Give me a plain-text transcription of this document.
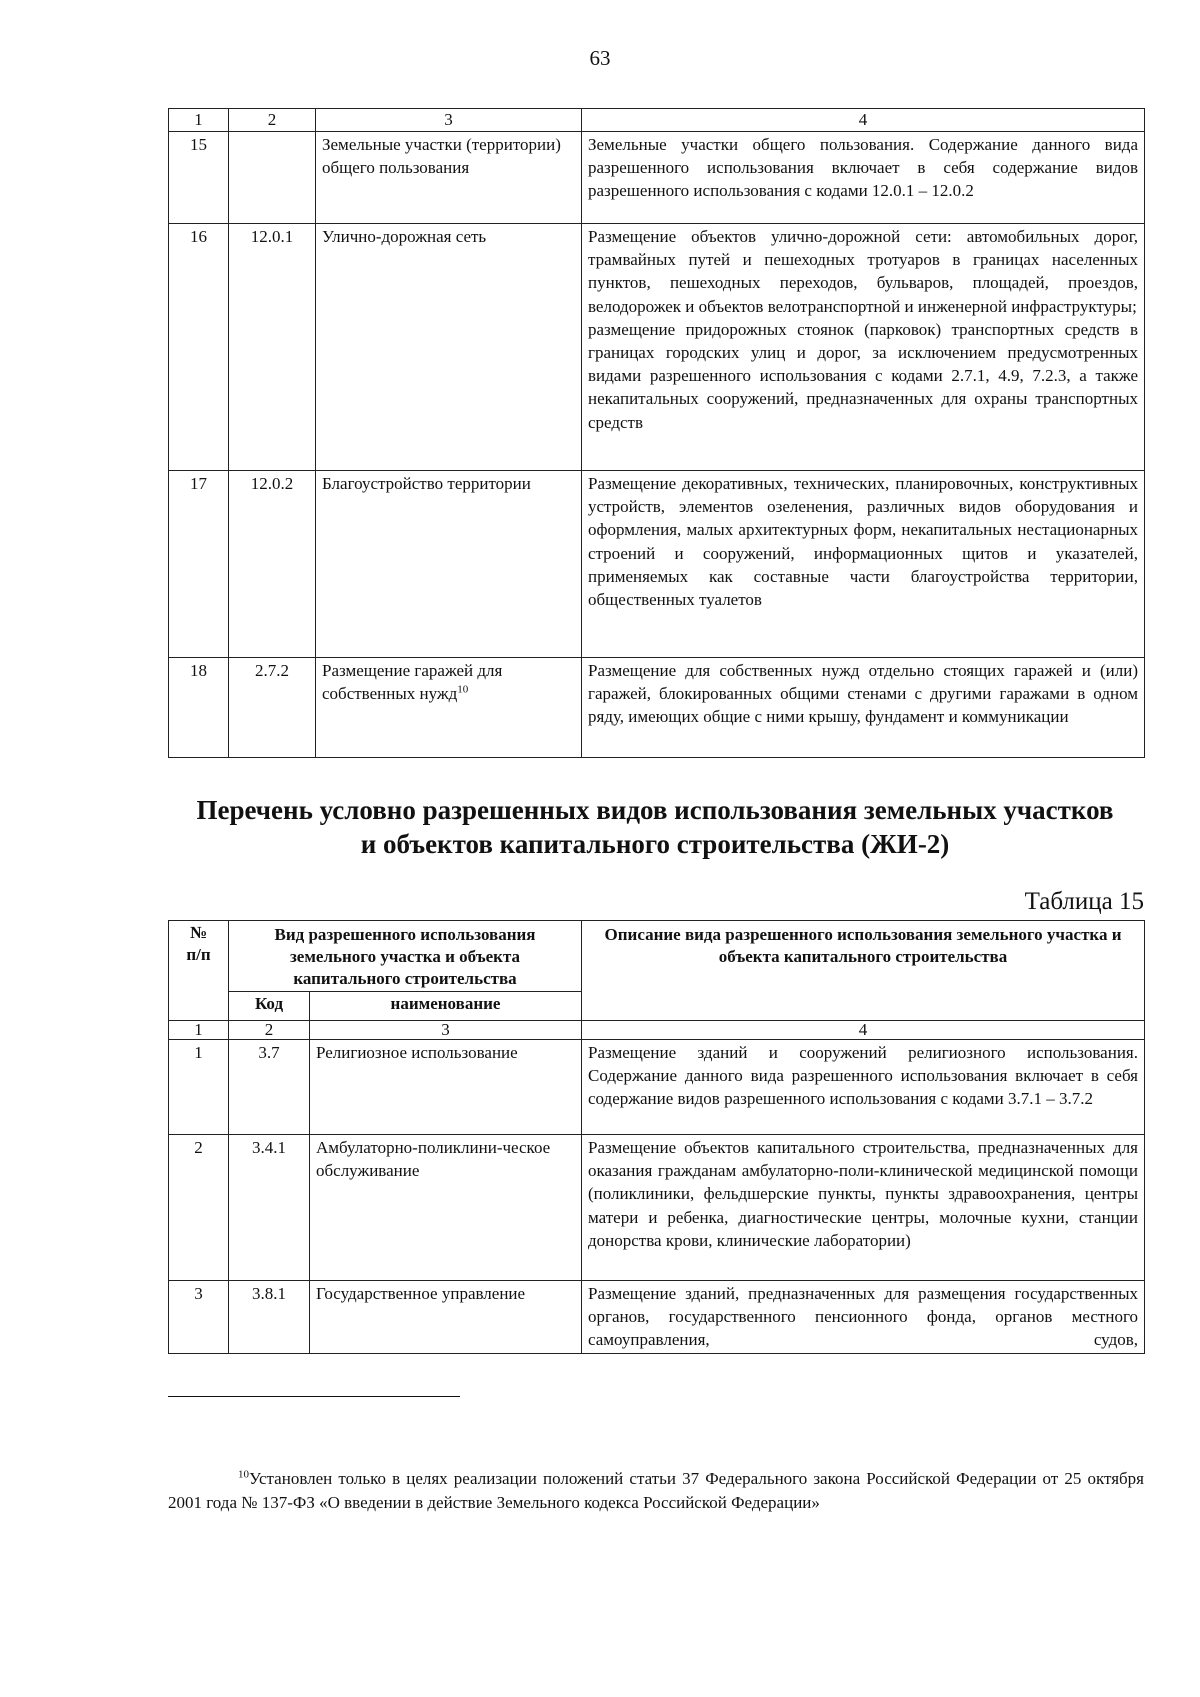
63
1	2	3	4
15		Земельные участки (территории) общего пользования	Земельные участки общего пользования. Содержание данного вида разрешенного использования включает в себя содержание видов разрешенного использования с кодами 12.0.1 – 12.0.2
16	12.0.1	Улично-дорожная сеть	Размещение объектов улично-дорожной сети: автомобильных дорог, трамвайных путей и пешеходных тротуаров в границах населенных пунктов, пешеходных переходов, бульваров, площадей, проездов, велодорожек и объектов велотранспортной и инженерной инфраструктуры;
размещение придорожных стоянок (парковок) транспортных средств в границах городских улиц и дорог, за исключением предусмотренных видами разрешенного использования с кодами 2.7.1, 4.9, 7.2.3, а также некапитальных сооружений, предназначенных для охраны транспортных средств

17	12.0.2	Благоустройство территории	Размещение декоративных, технических, планировочных, конструктивных устройств, элементов озеленения, различных видов оборудования и оформления, малых архитектурных форм, некапитальных нестационарных строений и сооружений, информационных щитов и указателей, применяемых как составные части благоустройства территории, общественных туалетов
18	2.7.2	Размещение гаражей для собственных нужд$^{10}$	Размещение для собственных нужд отдельно стоящих гаражей и (или) гаражей, блокированных общими стенами с другими гаражами в одном ряду, имеющих общие с ними крышу, фундамент и коммуникации
Перечень условно разрешенных видов использования земельных участков
и объектов капитального строительства (ЖИ-2)
Таблица 15
№
п/п	Вид разрешенного использования земельного участка и объекта капитального строительства		Описание вида разрешенного использования земельного участка и объекта капитального строительства
	Код	наименование	
1	2	3	4
1	3.7	Религиозное использование	Размещение зданий и сооружений религиозного использования. Содержание данного вида разрешенного использования включает в себя содержание видов разрешенного использования с кодами 3.7.1 – 3.7.2
2	3.4.1	Амбулаторно-поликлини-ческое обслуживание	Размещение объектов капитального строительства, предназначенных для оказания гражданам амбулаторно-поли-клинической медицинской помощи (поликлиники, фельдшерские пункты, пункты здравоохранения, центры матери и ребенка, диагностические центры, молочные кухни, станции донорства крови, клинические лаборатории)
3	3.8.1	Государственное управление	Размещение зданий, предназначенных для размещения государственных органов, государственного пенсионного фонда, органов местного самоуправления, судов,
$^{10}$Установлен только в целях реализации положений статьи 37 Федерального закона Российской Федерации от 25 октября 2001 года № 137-ФЗ «О введении в действие Земельного кодекса Российской Федерации»
